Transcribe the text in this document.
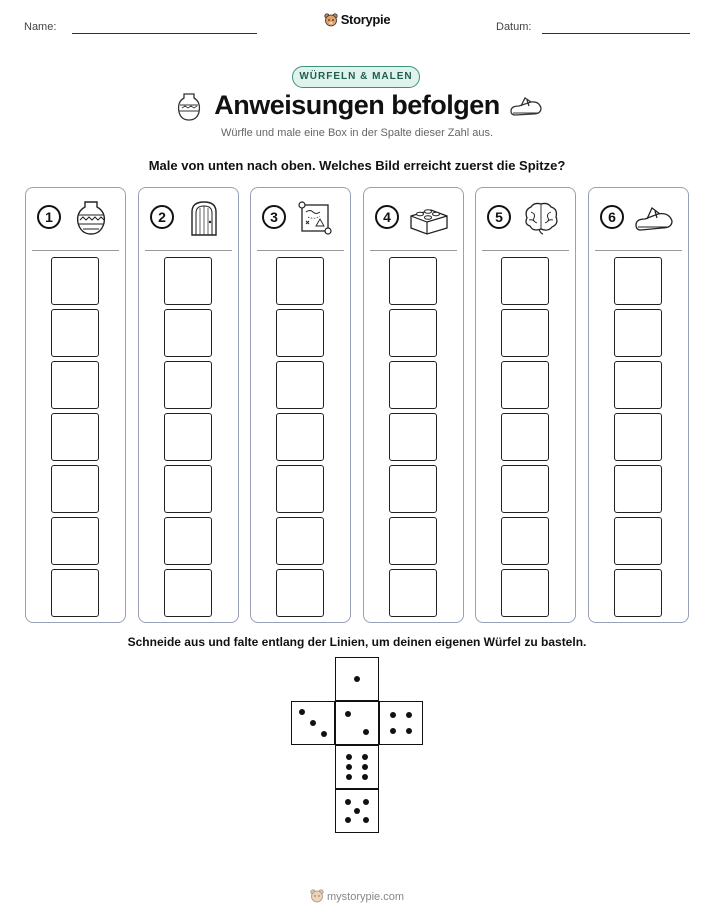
Name:	Storypie	Datum:
WÜRFELN & MALEN
Anweisungen befolgen
Würfle und male eine Box in der Spalte dieser Zahl aus.
Male von unten nach oben. Welches Bild erreicht zuerst die Spitze?
1	2	3	4	5	6
Schneide aus und falte entlang der Linien, um deinen eigenen Würfel zu basteln.
mystorypie.com
